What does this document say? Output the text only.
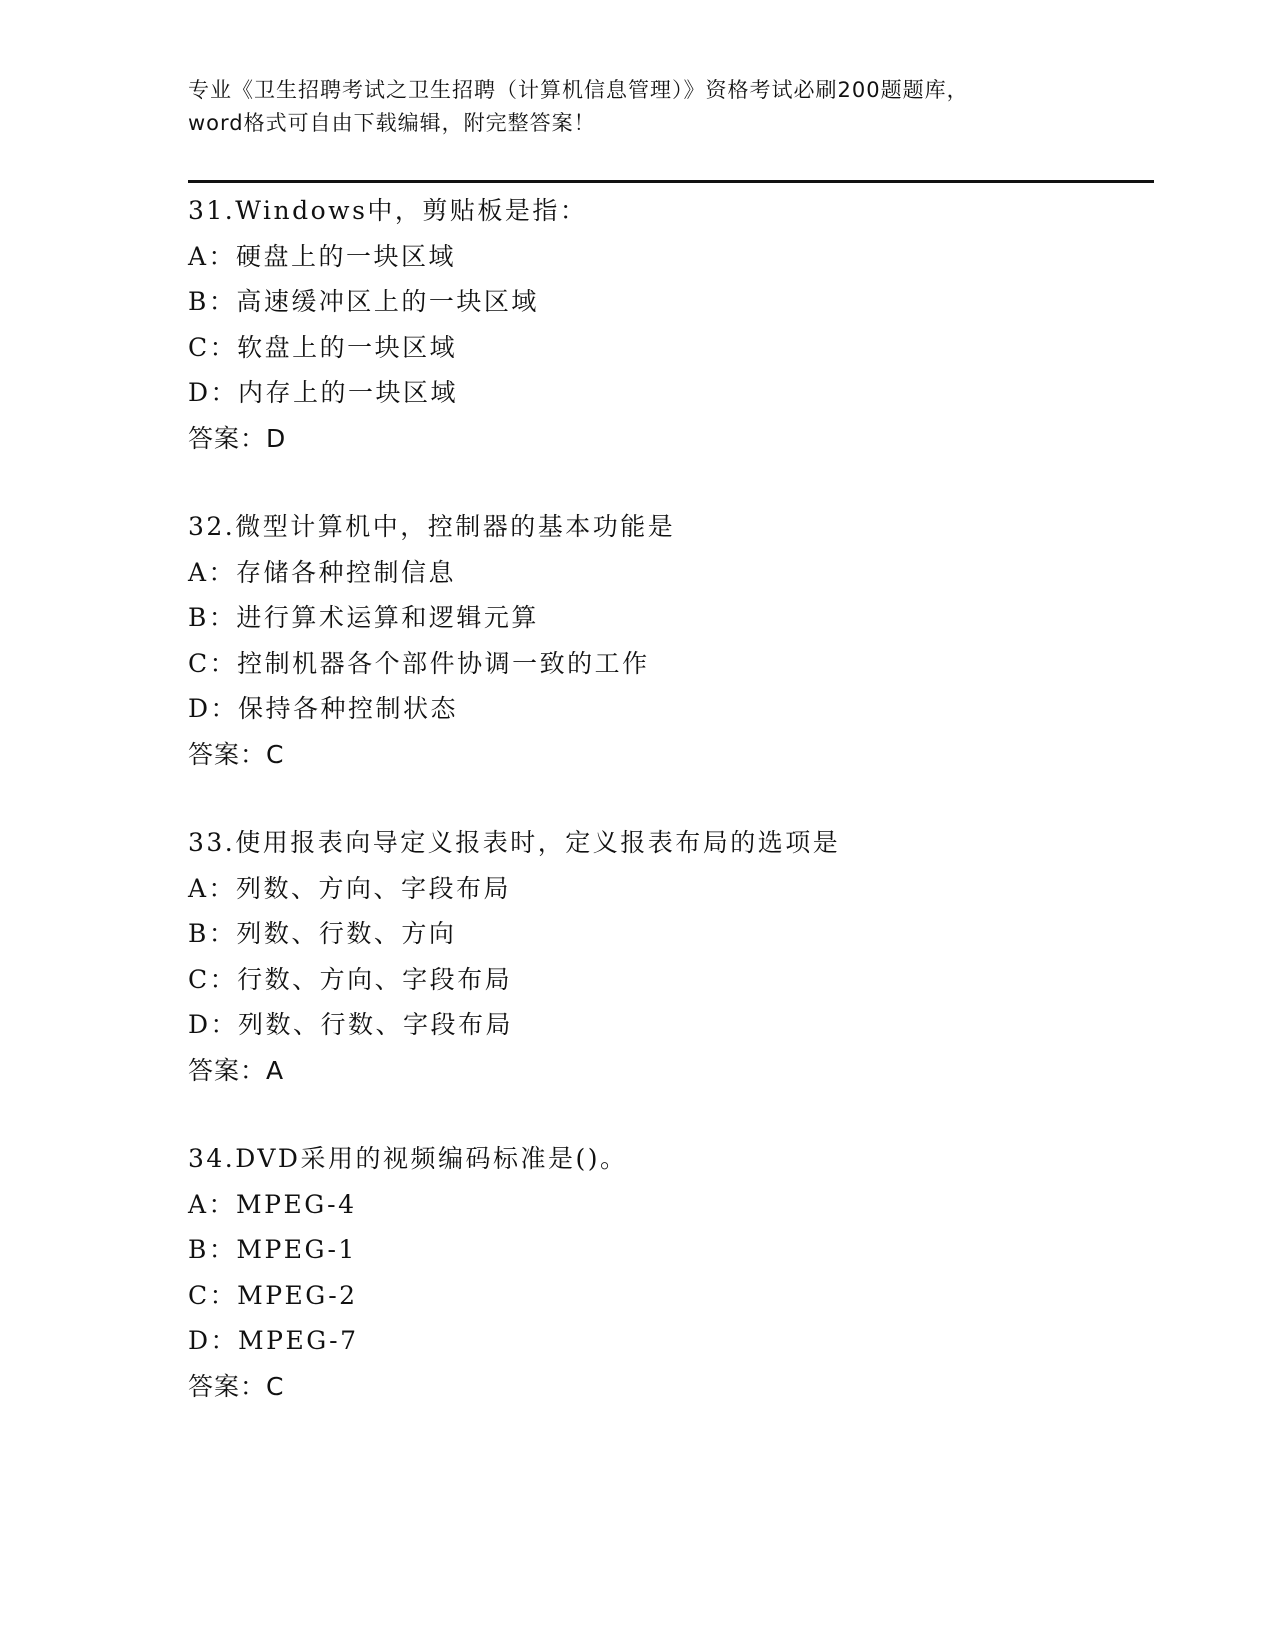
专业《卫生招聘考试之卫生招聘（计算机信息管理）》资格考试必刷200题题库，
word格式可自由下载编辑，附完整答案！
31.Windows中，剪贴板是指：
A：硬盘上的一块区域
B：高速缓冲区上的一块区域
C：软盘上的一块区域
D：内存上的一块区域
答案：D
32.微型计算机中，控制器的基本功能是
A：存储各种控制信息
B：进行算术运算和逻辑元算
C：控制机器各个部件协调一致的工作
D：保持各种控制状态
答案：C
33.使用报表向导定义报表时，定义报表布局的选项是
A：列数、方向、字段布局
B：列数、行数、方向
C：行数、方向、字段布局
D：列数、行数、字段布局
答案：A
34.DVD采用的视频编码标准是()。
A：MPEG-4
B：MPEG-1
C：MPEG-2
D：MPEG-7
答案：C
